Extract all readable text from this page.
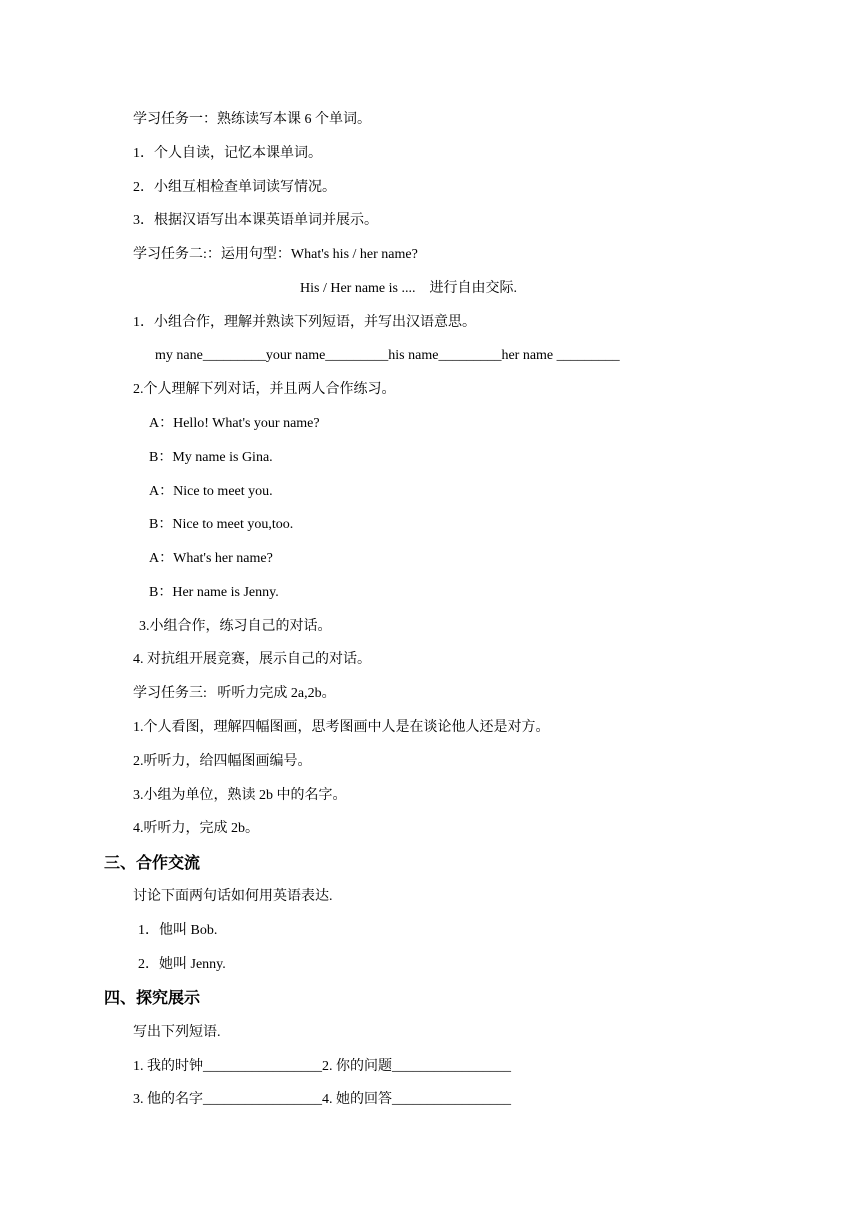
学习任务一：熟练读写本课 6 个单词。
1．个人自读，记忆本课单词。
2．小组互相检查单词读写情况。
3．根据汉语写出本课英语单词并展示。
学习任务二:：运用句型：What's his / her name?
His / Her name is ....    进行自由交际.
1．小组合作，理解并熟读下列短语，并写出汉语意思。
my nane_________your name_________his name_________her name _________
2.个人理解下列对话，并且两人合作练习。
A：Hello! What's your name?
B：My name is Gina.
A：Nice to meet you.
B：Nice to meet you,too.
A：What's her name?
B：Her name is Jenny.
3.小组合作，练习自己的对话。
4. 对抗组开展竞赛，展示自己的对话。
学习任务三:   听听力完成 2a,2b。
1.个人看图，理解四幅图画，思考图画中人是在谈论他人还是对方。
2.听听力，给四幅图画编号。
3.小组为单位，熟读 2b 中的名字。
4.听听力，完成 2b。
三、合作交流
讨论下面两句话如何用英语表达.
1．他叫 Bob.
2．她叫 Jenny.
四、探究展示
写出下列短语.
1. 我的时钟_________________2. 你的问题_________________
3. 他的名字_________________4. 她的回答_________________
